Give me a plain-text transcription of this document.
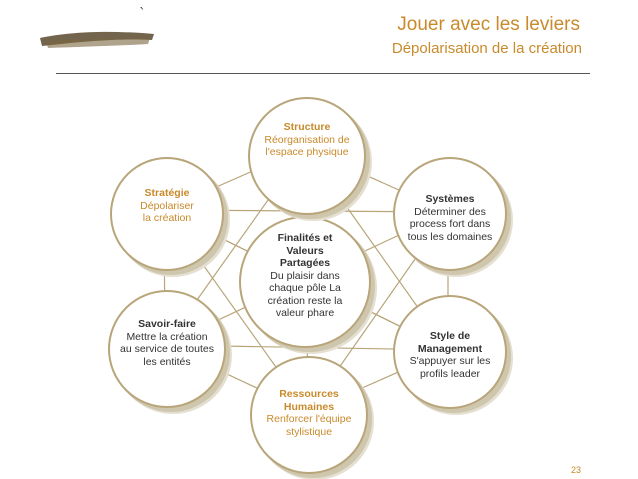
`	Jouer avec les leviers
Dépolarisation de la création
Finalités et Valeurs Partagées
Du plaisir dans chaque pôle La création reste la valeur phare
Structure
Réorganisation de l'espace physique
Systèmes
Déterminer des process fort dans tous les domaines
Style de Management
S'appuyer sur les profils leader
Ressources Humaines
Renforcer l'équipe stylistique
Savoir-faire
Mettre la création au service de toutes les entités
Stratégie
Dépolariser la création
23
